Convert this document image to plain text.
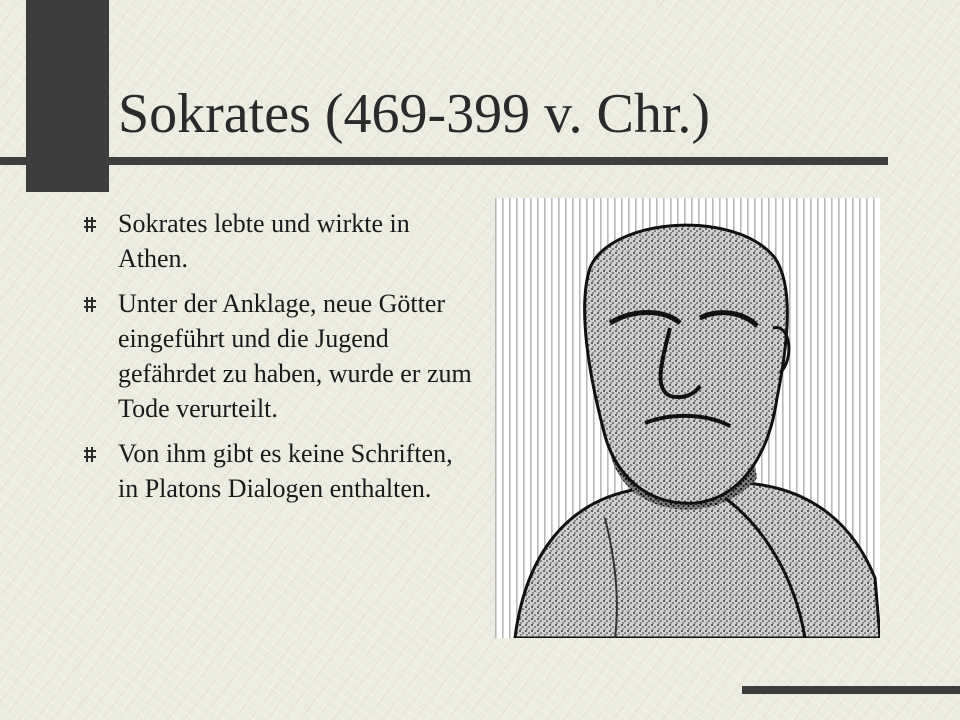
Sokrates (469-399 v. Chr.)
Sokrates lebte und wirkte in Athen.
Unter der Anklage, neue Götter eingeführt und die Jugend gefährdet zu haben, wurde er zum Tode verurteilt.
Von ihm gibt es keine Schriften, in Platons Dialogen enthalten.
